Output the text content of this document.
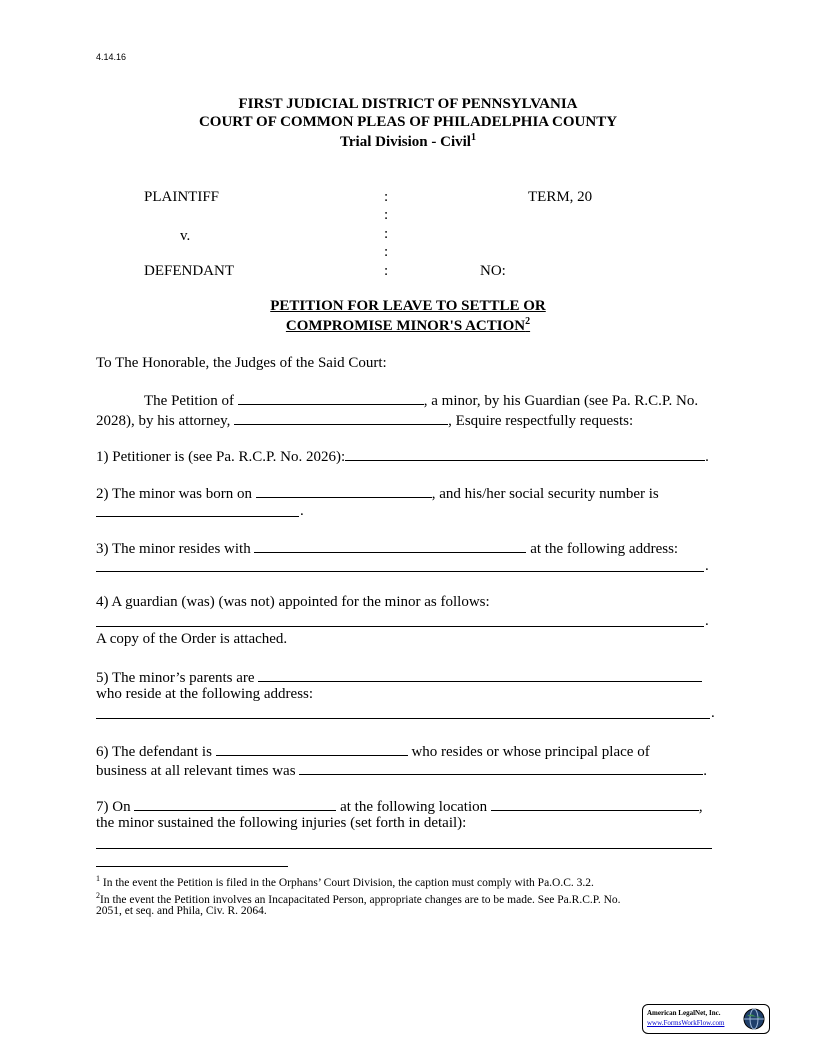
4.14.16
FIRST JUDICIAL DISTRICT OF PENNSYLVANIA
COURT OF COMMON PLEAS OF PHILADELPHIA COUNTY
Trial Division - Civil$^1$
PLAINTIFF	TERM, 20
v.
DEFENDANT	NO:
:
:
:
:
:
PETITION FOR LEAVE TO SETTLE OR
COMPROMISE MINOR'S ACTION$^2$
To The Honorable, the Judges of the Said Court:
The Petition of	, a minor, by his Guardian (see Pa. R.C.P. No.
2028), by his attorney,	, Esquire respectfully requests:
1) Petitioner is (see Pa. R.C.P. No. 2026):	.
2) The minor was born on	, and his/her social security number is
.
3) The minor resides with	at the following address:
.
4) A guardian (was) (was not) appointed for the minor as follows:
.
A copy of the Order is attached.
5) The minor’s parents are
who reside at the following address:
.
6) The defendant is	who resides or whose principal place of
business at all relevant times was	.
7) On	at the following location	,
the minor sustained the following injuries (set forth in detail):
$^1$ In the event the Petition is filed in the Orphans’ Court Division, the caption must comply with Pa.O.C. 3.2.
$^2$In the event the Petition involves an Incapacitated Person, appropriate changes are to be made. See Pa.R.C.P. No.
2051, et seq. and Phila, Civ. R. 2064.
American LegalNet, Inc.
www.FormsWorkFlow.com
